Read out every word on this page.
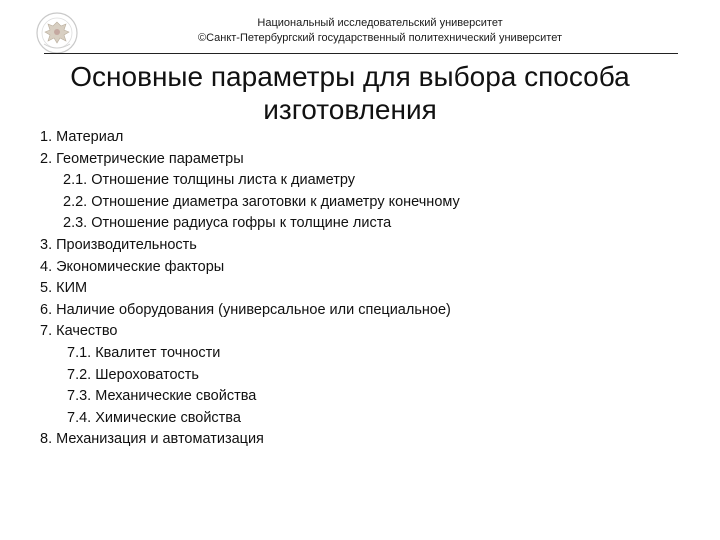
Национальный исследовательский университет
©Санкт-Петербургский государственный политехнический университет
Основные параметры для выбора способа
изготовления
1. Материал
2. Геометрические параметры
2.1. Отношение толщины листа к диаметру
2.2. Отношение диаметра заготовки к диаметру конечному
2.3. Отношение радиуса гофры к толщине листа
3. Производительность
4. Экономические факторы
5. КИМ
6. Наличие оборудования (универсальное или специальное)
7. Качество
7.1. Квалитет точности
7.2. Шероховатость
7.3. Механические свойства
7.4. Химические свойства
8. Механизация и автоматизация
